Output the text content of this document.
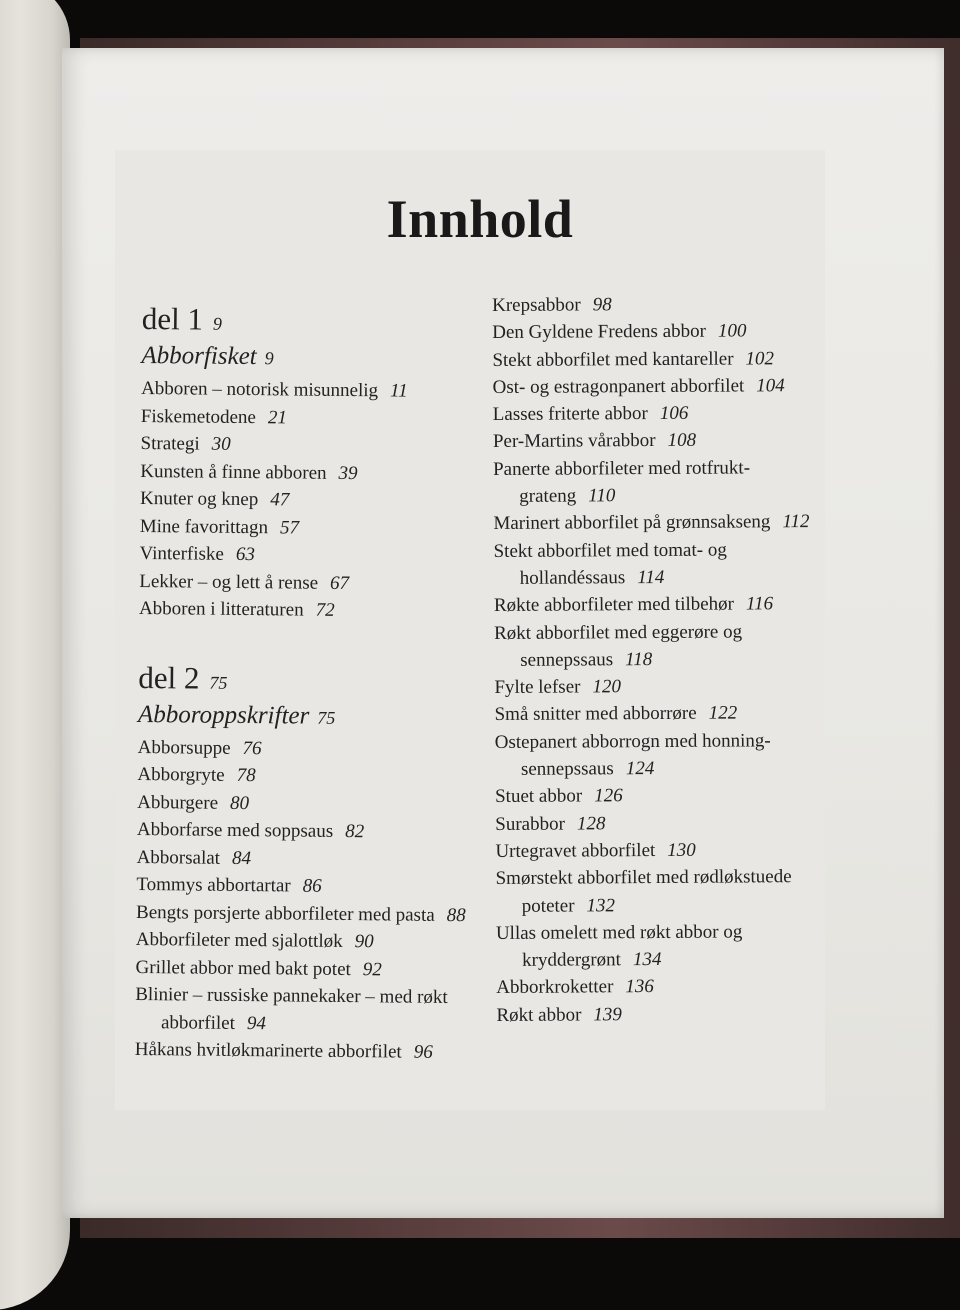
Innhold
del 1 9
Abborfisket 9
Abboren – notorisk misunnelig 11
Fiskemetodene 21
Strategi 30
Kunsten å finne abboren 39
Knuter og knep 47
Mine favorittagn 57
Vinterfiske 63
Lekker – og lett å rense 67
Abboren i litteraturen 72
del 2 75
Abboroppskrifter 75
Abborsuppe 76
Abborgryte 78
Abburgere 80
Abborfarse med soppsaus 82
Abborsalat 84
Tommys abbortartar 86
Bengts porsjerte abborfileter med pasta 88
Abborfileter med sjalottløk 90
Grillet abbor med bakt potet 92
Blinier – russiske pannekaker – med røkt abborfilet 94
Håkans hvitløkmarinerte abborfilet 96
Krepsabbor 98
Den Gyldene Fredens abbor 100
Stekt abborfilet med kantareller 102
Ost- og estragonpanert abborfilet 104
Lasses friterte abbor 106
Per-Martins vårabbor 108
Panerte abborfileter med rotfrukt-grateng 110
Marinert abborfilet på grønnsakseng 112
Stekt abborfilet med tomat- og hollandéssaus 114
Røkte abborfileter med tilbehør 116
Røkt abborfilet med eggerøre og sennepssaus 118
Fylte lefser 120
Små snitter med abborrøre 122
Ostepanert abborrogn med honning-sennepssaus 124
Stuet abbor 126
Surabbor 128
Urtegravet abborfilet 130
Smørstekt abborfilet med rødløkstuede poteter 132
Ullas omelett med røkt abbor og kryddergrønt 134
Abborkroketter 136
Røkt abbor 139
